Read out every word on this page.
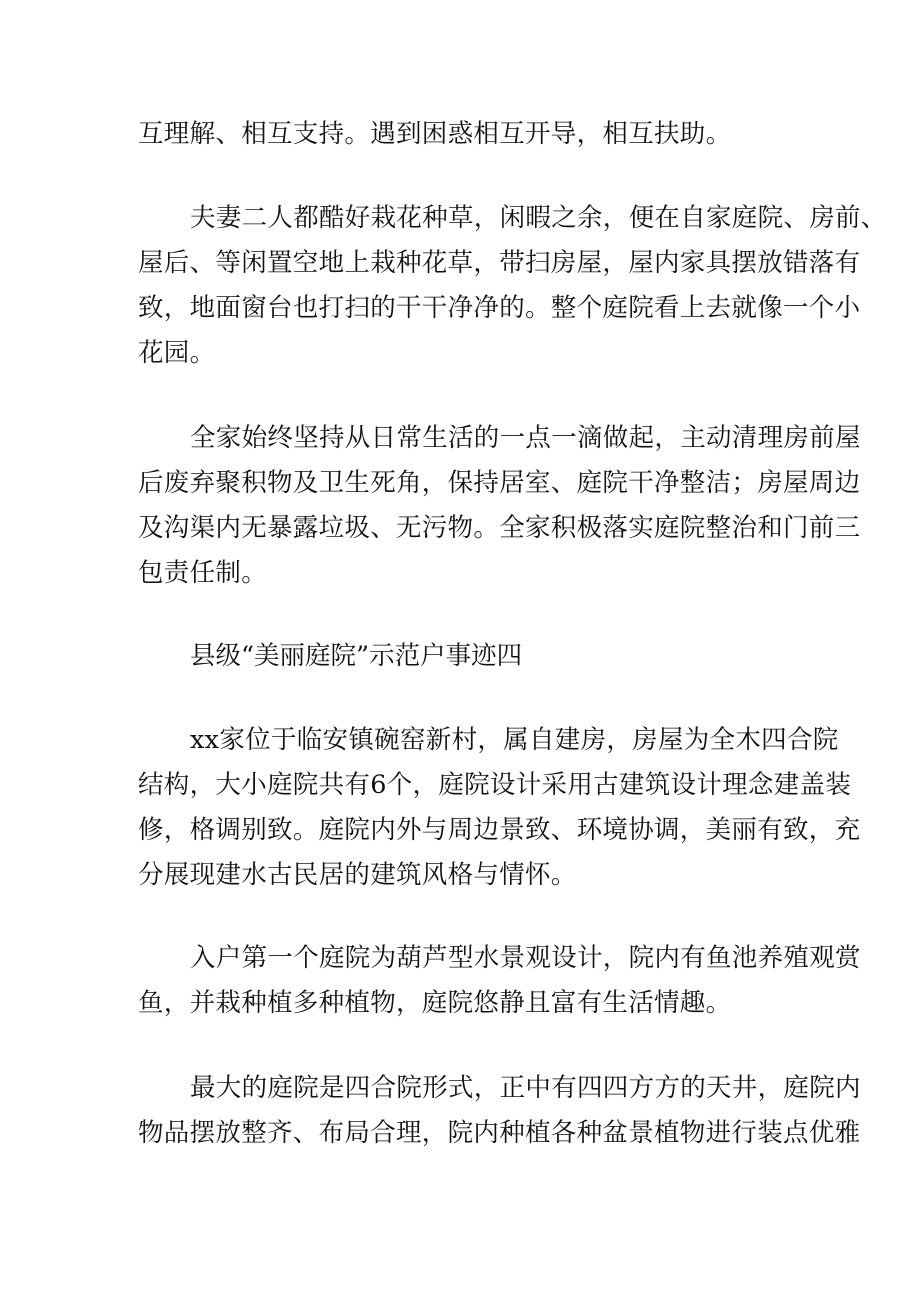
互理解、相互支持。遇到困惑相互开导，相互扶助。
夫妻二人都酷好栽花种草，闲暇之余，便在自家庭院、房前、
屋后、等闲置空地上栽种花草，带扫房屋，屋内家具摆放错落有
致，地面窗台也打扫的干干净净的。整个庭院看上去就像一个小
花园。
全家始终坚持从日常生活的一点一滴做起，主动清理房前屋
后废弃聚积物及卫生死角，保持居室、庭院干净整洁；房屋周边
及沟渠内无暴露垃圾、无污物。全家积极落实庭院整治和门前三
包责任制。
县级“美丽庭院”示范户事迹四
xx家位于临安镇碗窑新村，属自建房，房屋为全木四合院
结构，大小庭院共有6个，庭院设计采用古建筑设计理念建盖装
修，格调别致。庭院内外与周边景致、环境协调，美丽有致，充
分展现建水古民居的建筑风格与情怀。
入户第一个庭院为葫芦型水景观设计，院内有鱼池养殖观赏
鱼，并栽种植多种植物，庭院悠静且富有生活情趣。
最大的庭院是四合院形式，正中有四四方方的天井，庭院内
物品摆放整齐、布局合理，院内种植各种盆景植物进行装点优雅
